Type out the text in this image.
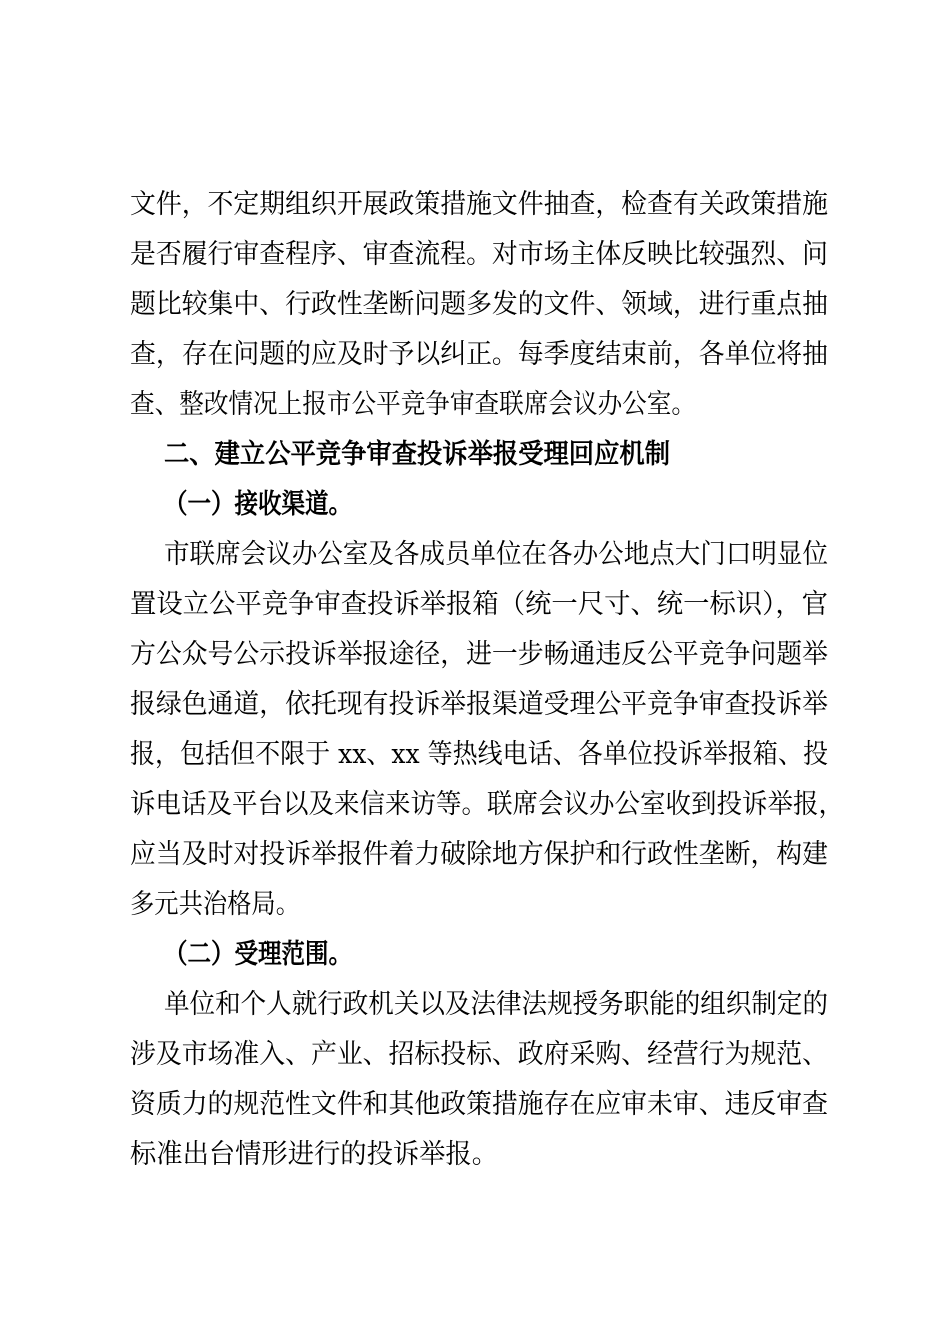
文件，不定期组织开展政策措施文件抽查，检查有关政策措施

是否履行审查程序、审查流程。对市场主体反映比较强烈、问

题比较集中、行政性垄断问题多发的文件、领域，进行重点抽

查，存在问题的应及时予以纠正。每季度结束前，各单位将抽

查、整改情况上报市公平竞争审查联席会议办公室。

二、建立公平竞争审查投诉举报受理回应机制
（一）接收渠道。

市联席会议办公室及各成员单位在各办公地点大门口明显位

置设立公平竞争审查投诉举报箱（统一尺寸、统一标识），官

方公众号公示投诉举报途径，进一步畅通违反公平竞争问题举

报绿色通道，依托现有投诉举报渠道受理公平竞争审查投诉举

报，包括但不限于 xx、xx 等热线电话、各单位投诉举报箱、投

诉电话及平台以及来信来访等。联席会议办公室收到投诉举报，

应当及时对投诉举报件着力破除地方保护和行政性垄断，构建

多元共治格局。

（二）受理范围。

单位和个人就行政机关以及法律法规授务职能的组织制定的

涉及市场准入、产业、招标投标、政府采购、经营行为规范、

资质力的规范性文件和其他政策措施存在应审未审、违反审查

标准出台情形进行的投诉举报。
